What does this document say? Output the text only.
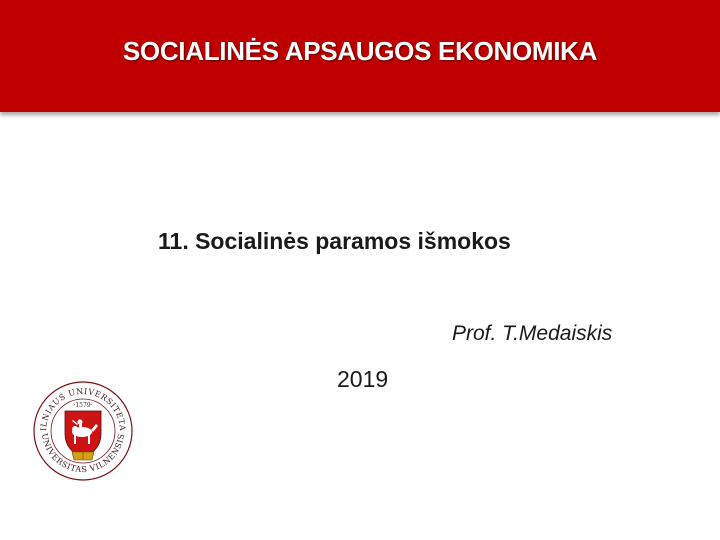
SOCIALINĖS APSAUGOS EKONOMIKA
11. Socialinės paramos išmokos
Prof. T.Medaiskis
2019
ILNIAUS UNIVERSITETA
UNIVERSITAS VILNENSIS
·1579·
